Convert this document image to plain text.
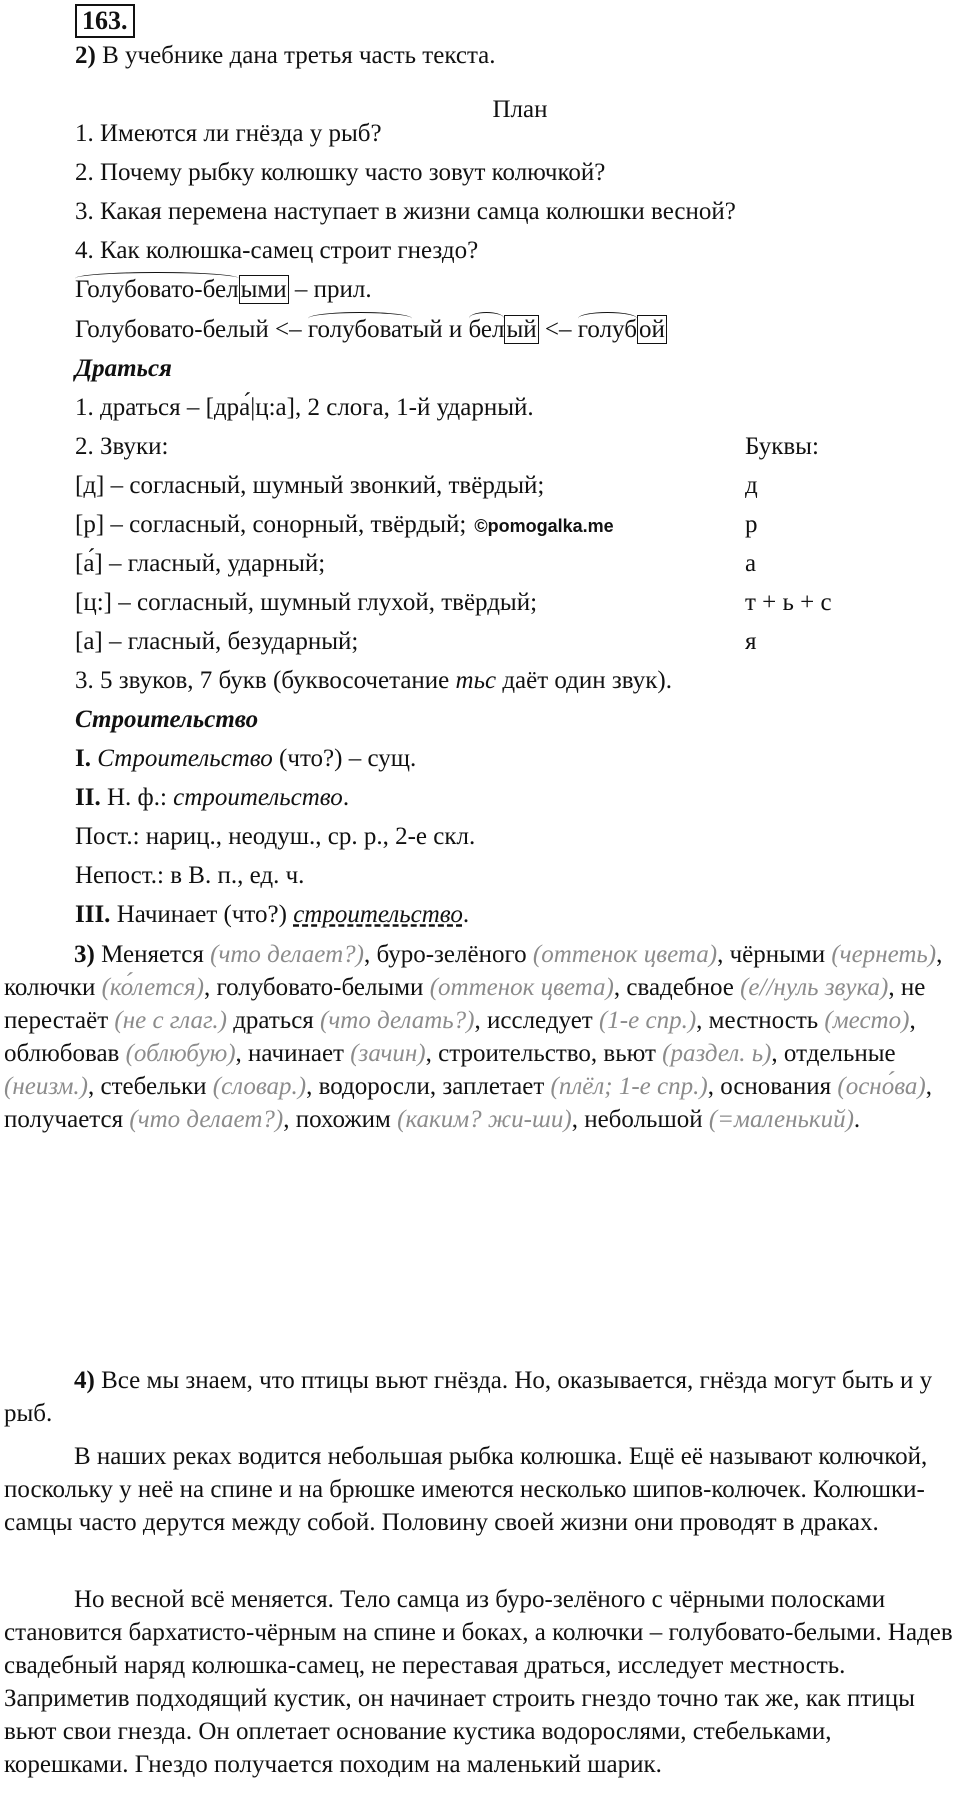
163.
2) В учебнике дана третья часть текста.
План
1. Имеются ли гнёзда у рыб?
2. Почему рыбку колюшку часто зовут колючкой?
3. Какая перемена наступает в жизни самца колюшки весной?
4. Как колюшка-самец строит гнездо?
Голубовато-белыми – прил.
Голубовато-белый <– голубоватый и белый <– голубой
Драться
1. драться – [дра́|ц:а], 2 слога, 1-й ударный.
2. Звуки:	Буквы:
[д] – согласный, шумный звонкий, твёрдый;	д
[р] – согласный, сонорный, твёрдый; ©pomogalka.me	р
[а́] – гласный, ударный;	а
[ц:] – согласный, шумный глухой, твёрдый;	т + ь + с
[а] – гласный, безударный;	я
3. 5 звуков, 7 букв (буквосочетание тьс даёт один звук).
Строительство
I. Строительство (что?) – сущ.
II. Н. ф.: строительство.
Пост.: нариц., неодуш., ср. р., 2-е скл.
Непост.: в В. п., ед. ч.
III. Начинает (что?) строительство.

3) Меняется (что делает?), буро-зелёного (оттенок цвета), чёрными (чернеть), колючки (ко́лется), голубовато-белыми (оттенок цвета), свадебное (е//нуль звука), не перестаёт (не с глаг.) драться (что делать?), исследует (1-е спр.), местность (место), облюбовав (облюбую), начинает (зачин), строительство, вьют (раздел. ь), отдельные (неизм.), стебельки (словар.), водоросли, заплетает (плёл; 1-е спр.), основания (осно́ва), получается (что делает?), похожим (каким? жи-ши), небольшой (=маленький).

4) Все мы знаем, что птицы вьют гнёзда. Но, оказывается, гнёзда могут быть и у рыб.

В наших реках водится небольшая рыбка колюшка. Ещё её называют колючкой, поскольку у неё на спине и на брюшке имеются несколько шипов-колючек. Колюшки-самцы часто дерутся между собой. Половину своей жизни они проводят в драках.

Но весной всё меняется. Тело самца из буро-зелёного с чёрными полосками становится бархатисто-чёрным на спине и боках, а колючки – голубовато-белыми. Надев свадебный наряд колюшка-самец, не переставая драться, исследует местность. Заприметив подходящий кустик, он начинает строить гнездо точно так же, как птицы вьют свои гнезда. Он оплетает основание кустика водорослями, стебельками, корешками. Гнездо получается походим на маленький шарик.
